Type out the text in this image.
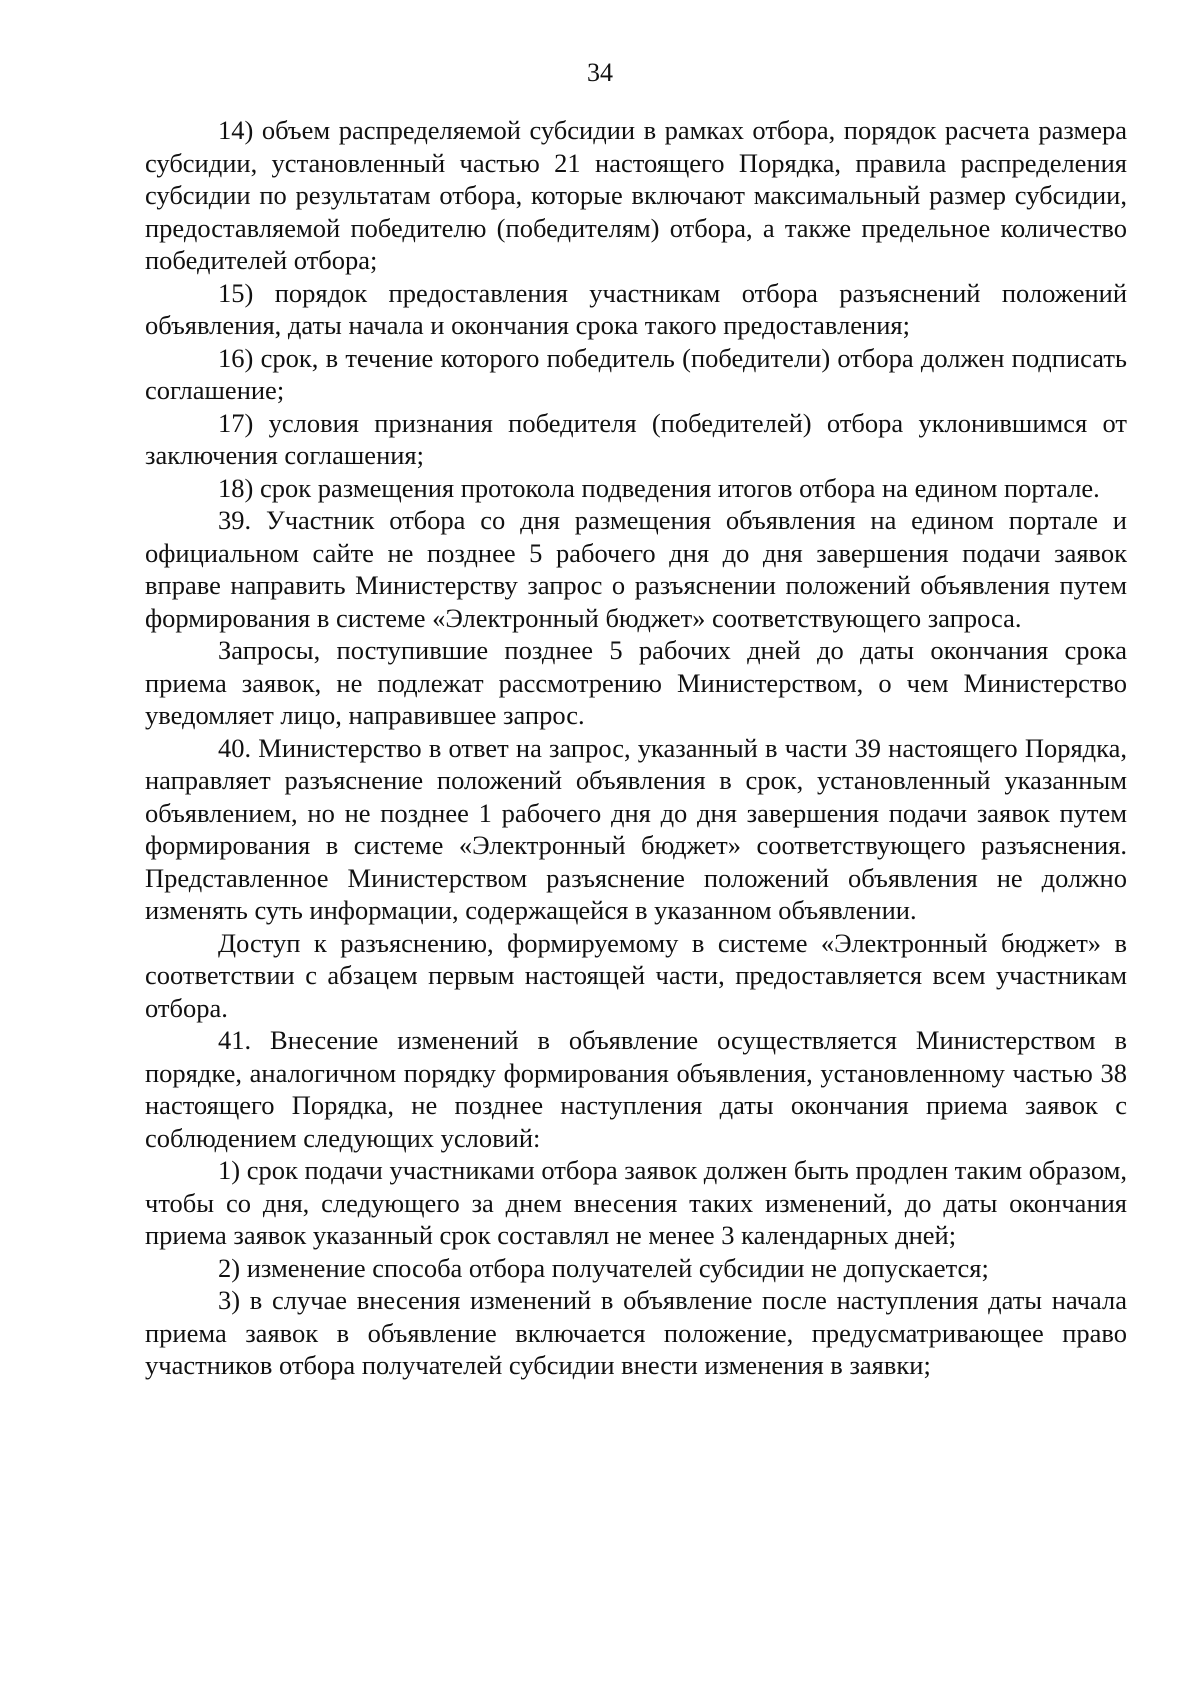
34

14) объем распределяемой субсидии в рамках отбора, порядок расчета размера субсидии, установленный частью 21 настоящего Порядка, правила распределения субсидии по результатам отбора, которые включают максимальный размер субсидии, предоставляемой победителю (победителям) отбора, а также предельное количество победителей отбора;

15) порядок предоставления участникам отбора разъяснений положений объявления, даты начала и окончания срока такого предоставления;

16) срок, в течение которого победитель (победители) отбора должен подписать соглашение;

17) условия признания победителя (победителей) отбора уклонившимся от заключения соглашения;

18) срок размещения протокола подведения итогов отбора на едином портале.

39. Участник отбора со дня размещения объявления на едином портале и официальном сайте не позднее 5 рабочего дня до дня завершения подачи заявок вправе направить Министерству запрос о разъяснении положений объявления путем формирования в системе «Электронный бюджет» соответствующего запроса.

Запросы, поступившие позднее 5 рабочих дней до даты окончания срока приема заявок, не подлежат рассмотрению Министерством, о чем Министерство уведомляет лицо, направившее запрос.

40. Министерство в ответ на запрос, указанный в части 39 настоящего Порядка, направляет разъяснение положений объявления в срок, установленный указанным объявлением, но не позднее 1 рабочего дня до дня завершения подачи заявок путем формирования в системе «Электронный бюджет» соответствующего разъяснения. Представленное Министерством разъяснение положений объявления не должно изменять суть информации, содержащейся в указанном объявлении.

Доступ к разъяснению, формируемому в системе «Электронный бюджет» в соответствии с абзацем первым настоящей части, предоставляется всем участникам отбора.

41. Внесение изменений в объявление осуществляется Министерством в порядке, аналогичном порядку формирования объявления, установленному частью 38 настоящего Порядка, не позднее наступления даты окончания приема заявок с соблюдением следующих условий:

1) срок подачи участниками отбора заявок должен быть продлен таким образом, чтобы со дня, следующего за днем внесения таких изменений, до даты окончания приема заявок указанный срок составлял не менее 3 календарных дней;

2) изменение способа отбора получателей субсидии не допускается;

3) в случае внесения изменений в объявление после наступления даты начала приема заявок в объявление включается положение, предусматривающее право участников отбора получателей субсидии внести изменения в заявки;
